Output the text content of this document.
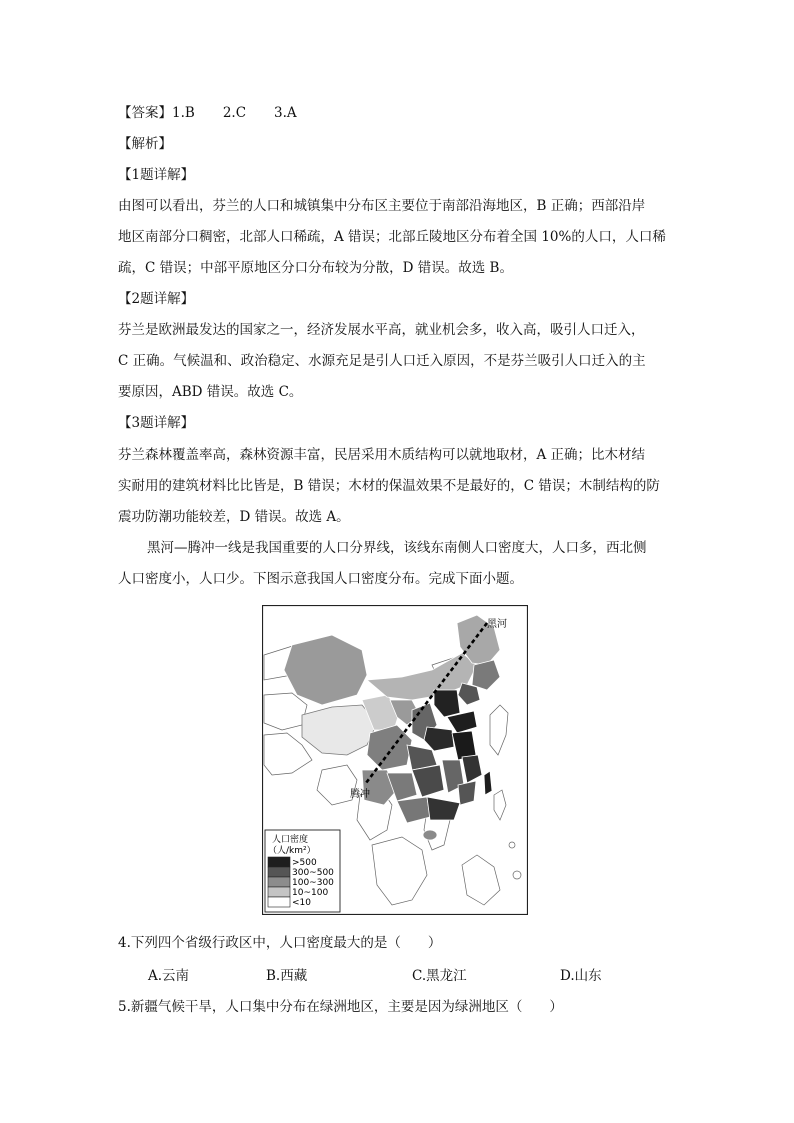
【答案】1.B 2.C 3.A
【解析】
【1题详解】
由图可以看出，芬兰的人口和城镇集中分布区主要位于南部沿海地区，B 正确；西部沿岸
地区南部分口稠密，北部人口稀疏，A 错误；北部丘陵地区分布着全国 10%的人口，人口稀
疏，C 错误；中部平原地区分口分布较为分散，D 错误。故选 B。
【2题详解】
芬兰是欧洲最发达的国家之一，经济发展水平高，就业机会多，收入高，吸引人口迁入，
C 正确。气候温和、政治稳定、水源充足是引人口迁入原因，不是芬兰吸引人口迁入的主
要原因，ABD 错误。故选 C。
【3题详解】
芬兰森林覆盖率高，森林资源丰富，民居采用木质结构可以就地取材，A 正确；比木材结
实耐用的建筑材料比比皆是，B 错误；木材的保温效果不是最好的，C 错误；木制结构的防
震功防潮功能较差，D 错误。故选 A。
黑河—腾冲一线是我国重要的人口分界线，该线东南侧人口密度大，人口多，西北侧
人口密度小，人口少。下图示意我国人口密度分布。完成下面小题。
黑河
腾冲
人口密度
（人/km²）
>500
300~500
100~300
10~100
<10
4.下列四个省级行政区中，人口密度最大的是（　　）
A.云南	B.西藏	C.黑龙江	D.山东
5.新疆气候干旱，人口集中分布在绿洲地区，主要是因为绿洲地区（　　）
